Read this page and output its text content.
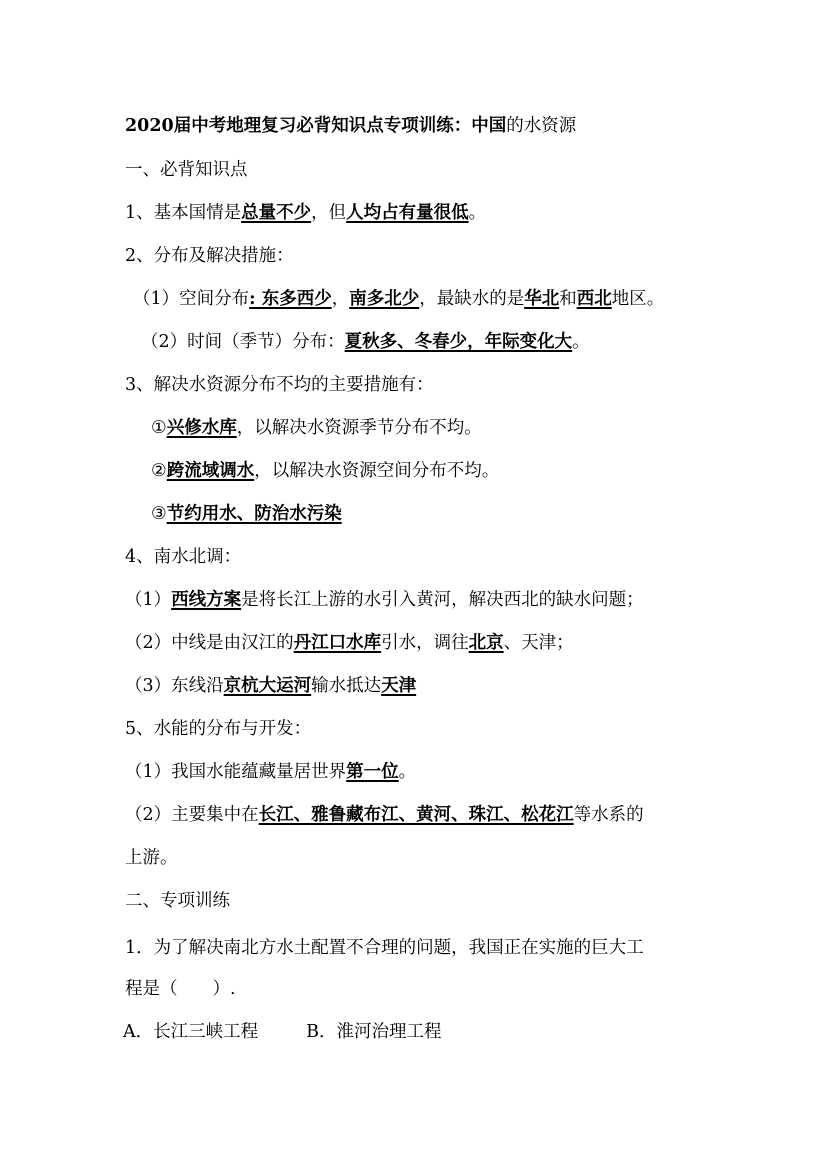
2020届中考地理复习必背知识点专项训练：中国的水资源
一、必背知识点
1、基本国情是总量不少，但人均占有量很低。
2、分布及解决措施：
（1）空间分布: 东多西少，南多北少，最缺水的是华北和西北地区。
（2）时间（季节）分布：夏秋多、冬春少，年际变化大。
3、解决水资源分布不均的主要措施有：
①兴修水库，以解决水资源季节分布不均。
②跨流域调水，以解决水资源空间分布不均。
③节约用水、防治水污染
4、南水北调：
（1）西线方案是将长江上游的水引入黄河，解决西北的缺水问题；
（2）中线是由汉江的丹江口水库引水，调往北京、天津；
（3）东线沿京杭大运河输水抵达天津
5、水能的分布与开发：
（1）我国水能蕴藏量居世界第一位。
（2）主要集中在长江、雅鲁藏布江、黄河、珠江、松花江等水系的
上游。
二、专项训练
1．为了解决南北方水土配置不合理的问题，我国正在实施的巨大工
程是（　　）.
A．长江三峡工程	B．淮河治理工程
